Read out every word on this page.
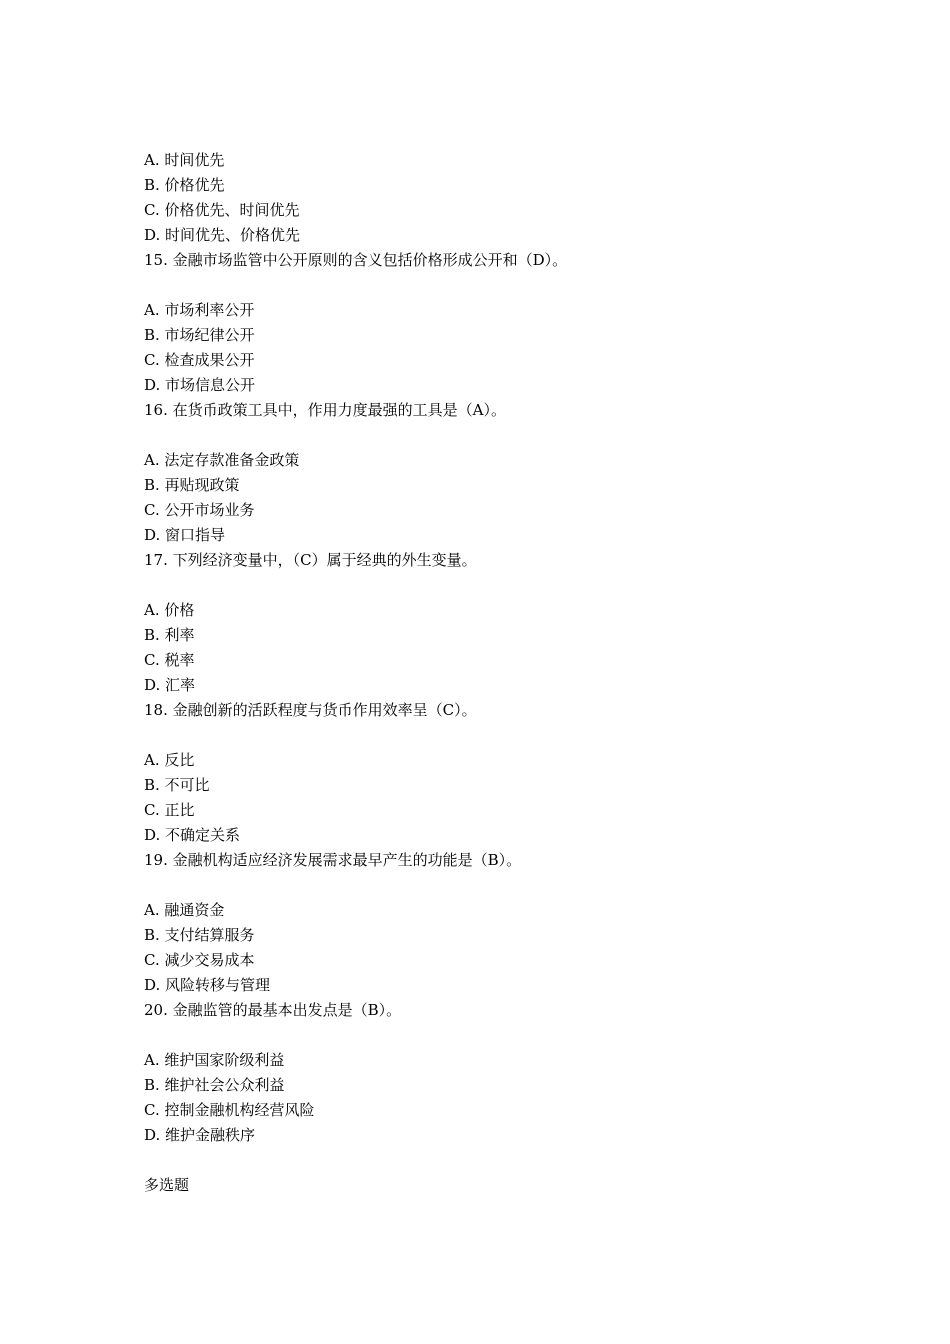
A. 时间优先
B. 价格优先
C. 价格优先、时间优先
D. 时间优先、价格优先
15. 金融市场监管中公开原则的含义包括价格形成公开和（D）。
A. 市场利率公开
B. 市场纪律公开
C. 检查成果公开
D. 市场信息公开
16. 在货币政策工具中，作用力度最强的工具是（A）。
A. 法定存款准备金政策
B. 再贴现政策
C. 公开市场业务
D. 窗口指导
17. 下列经济变量中，（C）属于经典的外生变量。
A. 价格
B. 利率
C. 税率
D. 汇率
18. 金融创新的活跃程度与货币作用效率呈（C）。
A. 反比
B. 不可比
C. 正比
D. 不确定关系
19. 金融机构适应经济发展需求最早产生的功能是（B）。
A. 融通资金
B. 支付结算服务
C. 减少交易成本
D. 风险转移与管理
20. 金融监管的最基本出发点是（B）。
A. 维护国家阶级利益
B. 维护社会公众利益
C. 控制金融机构经营风险
D. 维护金融秩序
多选题
